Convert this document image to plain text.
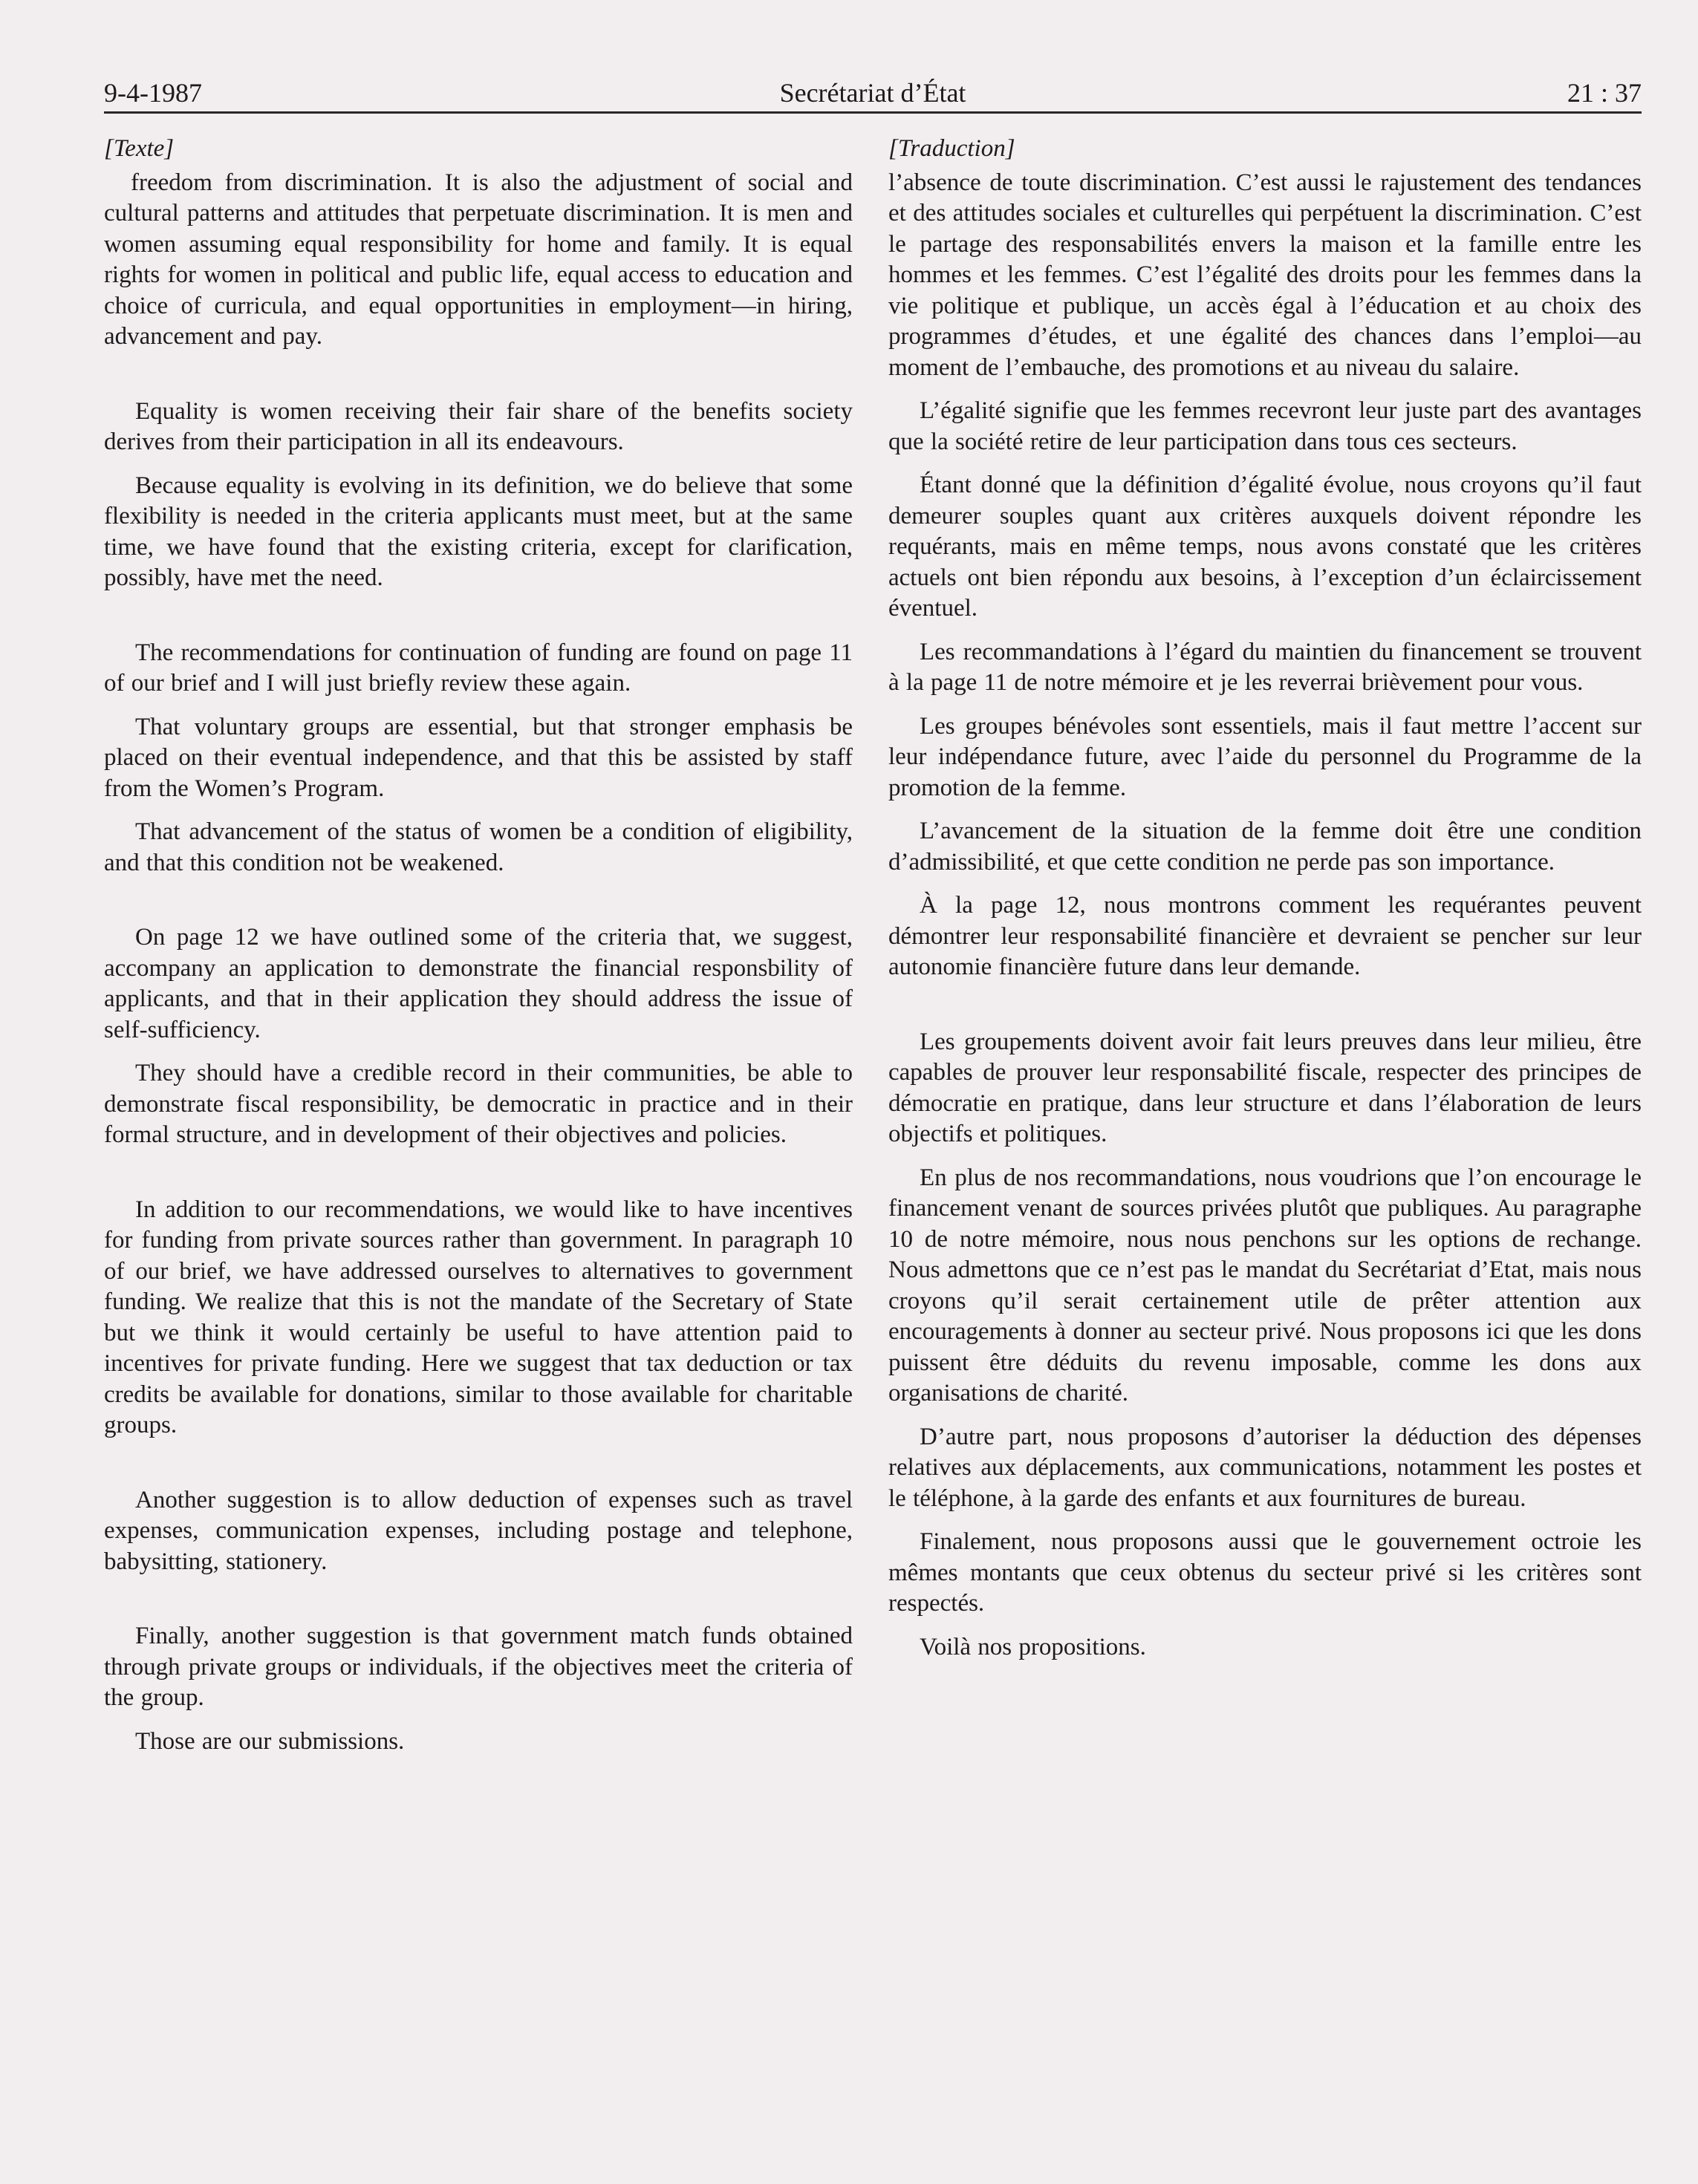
9-4-1987	Secrétariat d’État	21 : 37
[Texte]

freedom from discrimination. It is also the adjustment of social and cultural patterns and attitudes that perpetuate discrimination. It is men and women assuming equal responsibility for home and family. It is equal rights for women in political and public life, equal access to education and choice of curricula, and equal opportunities in employment—in hiring, advancement and pay.

Equality is women receiving their fair share of the benefits society derives from their participation in all its endeavours.

Because equality is evolving in its definition, we do believe that some flexibility is needed in the criteria applicants must meet, but at the same time, we have found that the existing criteria, except for clarification, possibly, have met the need.

The recommendations for continuation of funding are found on page 11 of our brief and I will just briefly review these again.

That voluntary groups are essential, but that stronger emphasis be placed on their eventual independence, and that this be assisted by staff from the Women’s Program.

That advancement of the status of women be a condition of eligibility, and that this condition not be weakened.

On page 12 we have outlined some of the criteria that, we suggest, accompany an application to demonstrate the financial responsbility of applicants, and that in their application they should address the issue of self-sufficiency.

They should have a credible record in their communities, be able to demonstrate fiscal responsibility, be democratic in practice and in their formal structure, and in development of their objectives and policies.

In addition to our recommendations, we would like to have incentives for funding from private sources rather than government. In paragraph 10 of our brief, we have addressed ourselves to alternatives to government funding. We realize that this is not the mandate of the Secretary of State but we think it would certainly be useful to have attention paid to incentives for private funding. Here we suggest that tax deduction or tax credits be available for donations, similar to those available for charitable groups.

Another suggestion is to allow deduction of expenses such as travel expenses, communication expenses, including postage and telephone, babysitting, stationery.

Finally, another suggestion is that government match funds obtained through private groups or individuals, if the objectives meet the criteria of the group.

Those are our submissions.

[Traduction]

l’absence de toute discrimination. C’est aussi le rajustement des tendances et des attitudes sociales et culturelles qui perpétuent la discrimination. C’est le partage des responsabilités envers la maison et la famille entre les hommes et les femmes. C’est l’égalité des droits pour les femmes dans la vie politique et publique, un accès égal à l’éducation et au choix des programmes d’études, et une égalité des chances dans l’emploi—au moment de l’embauche, des promotions et au niveau du salaire.

L’égalité signifie que les femmes recevront leur juste part des avantages que la société retire de leur participation dans tous ces secteurs.

Étant donné que la définition d’égalité évolue, nous croyons qu’il faut demeurer souples quant aux critères auxquels doivent répondre les requérants, mais en même temps, nous avons constaté que les critères actuels ont bien répondu aux besoins, à l’exception d’un éclaircissement éventuel.

Les recommandations à l’égard du maintien du financement se trouvent à la page 11 de notre mémoire et je les reverrai brièvement pour vous.

Les groupes bénévoles sont essentiels, mais il faut mettre l’accent sur leur indépendance future, avec l’aide du personnel du Programme de la promotion de la femme.

L’avancement de la situation de la femme doit être une condition d’admissibilité, et que cette condition ne perde pas son importance.

À la page 12, nous montrons comment les requérantes peuvent démontrer leur responsabilité financière et devraient se pencher sur leur autonomie financière future dans leur demande.

Les groupements doivent avoir fait leurs preuves dans leur milieu, être capables de prouver leur responsabilité fiscale, respecter des principes de démocratie en pratique, dans leur structure et dans l’élaboration de leurs objectifs et politiques.

En plus de nos recommandations, nous voudrions que l’on encourage le financement venant de sources privées plutôt que publiques. Au paragraphe 10 de notre mémoire, nous nous penchons sur les options de rechange. Nous admettons que ce n’est pas le mandat du Secrétariat d’Etat, mais nous croyons qu’il serait certainement utile de prêter attention aux encouragements à donner au secteur privé. Nous proposons ici que les dons puissent être déduits du revenu imposable, comme les dons aux organisations de charité.

D’autre part, nous proposons d’autoriser la déduction des dépenses relatives aux déplacements, aux communications, notamment les postes et le téléphone, à la garde des enfants et aux fournitures de bureau.

Finalement, nous proposons aussi que le gouvernement octroie les mêmes montants que ceux obtenus du secteur privé si les critères sont respectés.

Voilà nos propositions.
